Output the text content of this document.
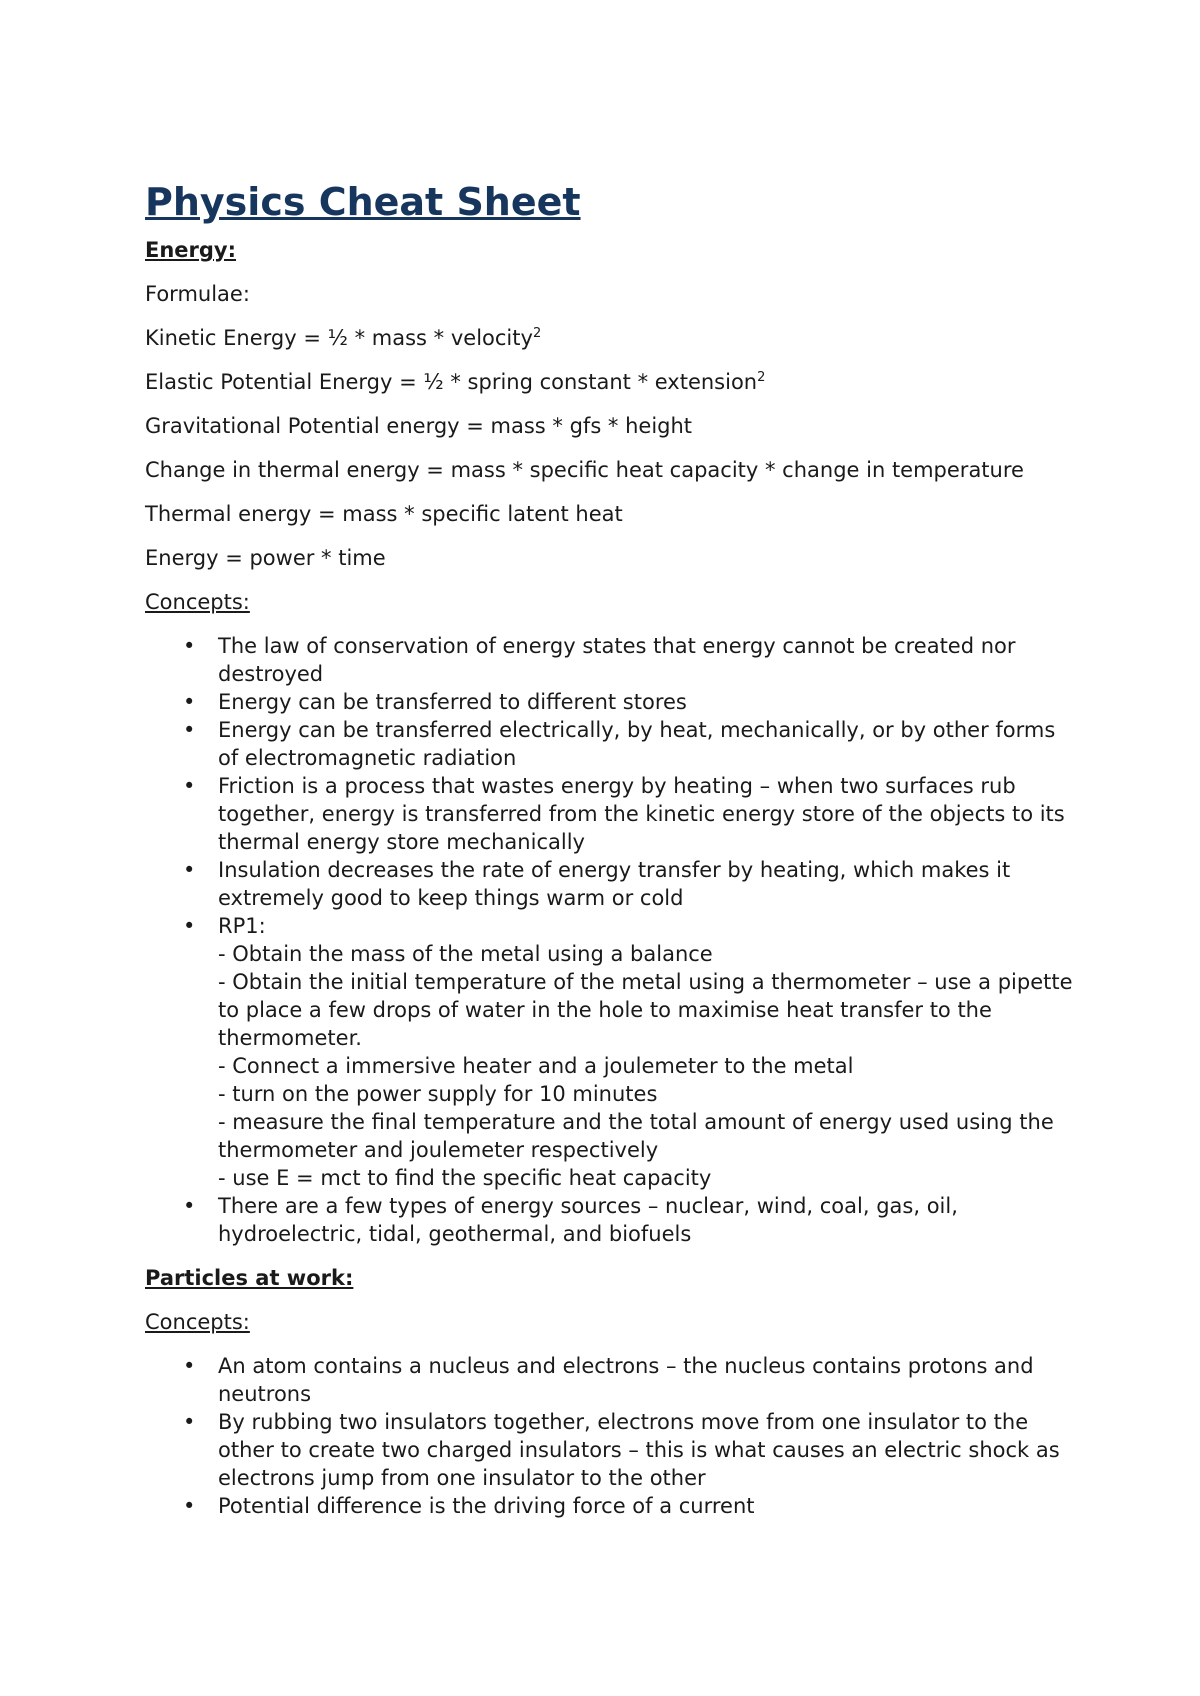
Physics Cheat Sheet
Energy:
Formulae:
Kinetic Energy = ½ * mass * velocity$^2$
Elastic Potential Energy = ½ * spring constant * extension$^2$
Gravitational Potential energy = mass * gfs * height
Change in thermal energy = mass * specific heat capacity * change in temperature
Thermal energy = mass * specific latent heat
Energy = power * time
Concepts:
• The law of conservation of energy states that energy cannot be created nor destroyed
• Energy can be transferred to different stores
• Energy can be transferred electrically, by heat, mechanically, or by other forms of electromagnetic radiation
• Friction is a process that wastes energy by heating – when two surfaces rub together, energy is transferred from the kinetic energy store of the objects to its thermal energy store mechanically
• Insulation decreases the rate of energy transfer by heating, which makes it extremely good to keep things warm or cold
• RP1:
- Obtain the mass of the metal using a balance
- Obtain the initial temperature of the metal using a thermometer – use a pipette to place a few drops of water in the hole to maximise heat transfer to the thermometer.
- Connect a immersive heater and a joulemeter to the metal
- turn on the power supply for 10 minutes
- measure the final temperature and the total amount of energy used using the thermometer and joulemeter respectively
- use E = mct to find the specific heat capacity
• There are a few types of energy sources – nuclear, wind, coal, gas, oil, hydroelectric, tidal, geothermal, and biofuels
Particles at work:
Concepts:
• An atom contains a nucleus and electrons – the nucleus contains protons and neutrons
• By rubbing two insulators together, electrons move from one insulator to the other to create two charged insulators – this is what causes an electric shock as electrons jump from one insulator to the other
• Potential difference is the driving force of a current
